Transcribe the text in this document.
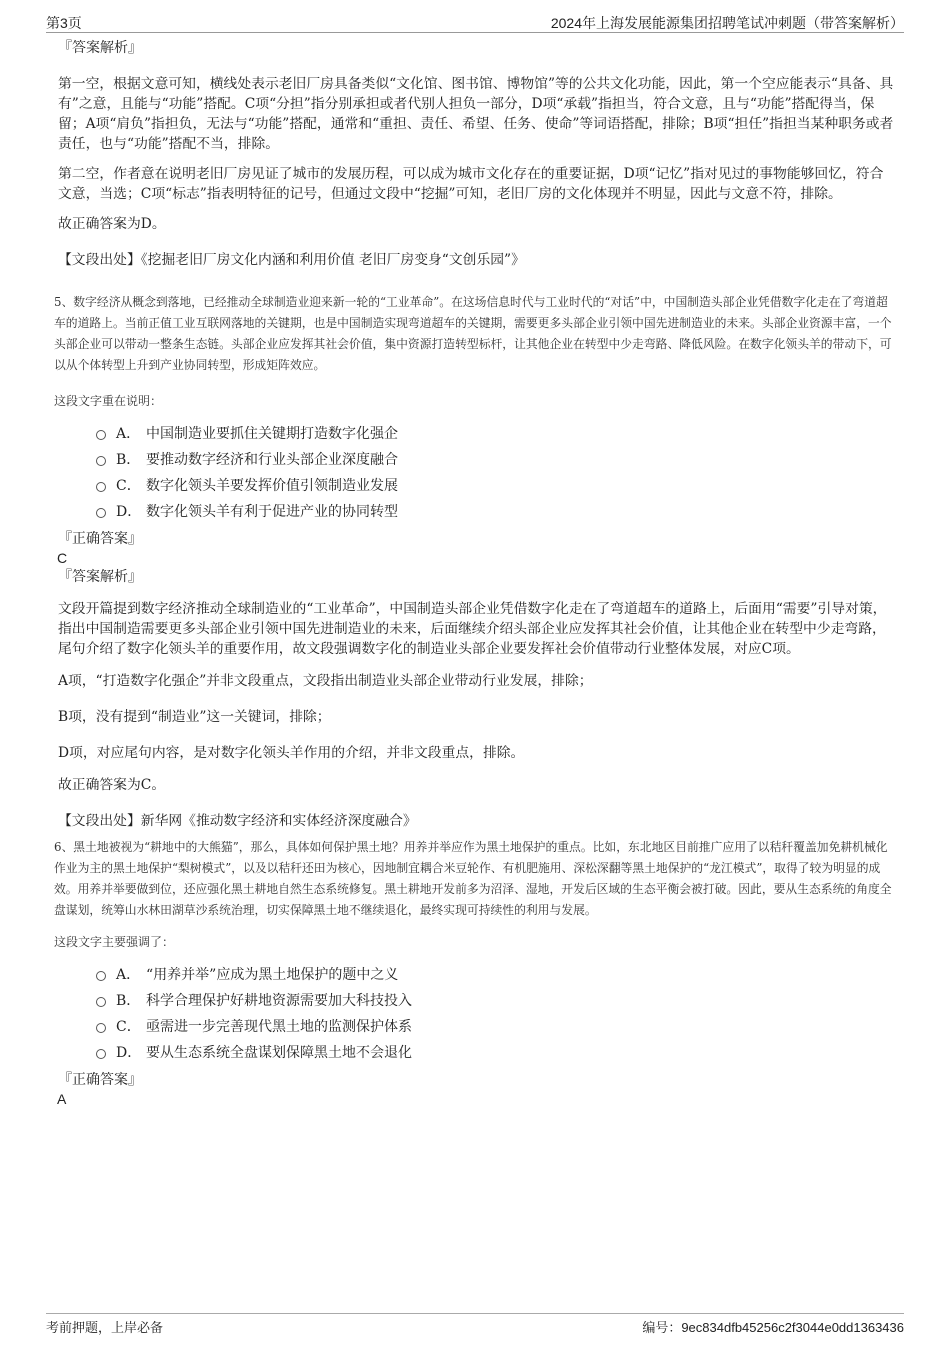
第3页	2024年上海发展能源集团招聘笔试冲刺题（带答案解析）
『答案解析』
第一空，根据文意可知，横线处表示老旧厂房具备类似“文化馆、图书馆、博物馆”等的公共文化功能，因此，第一个空应能表示“具备、具有”之意，且能与“功能”搭配。C项“分担”指分别承担或者代别人担负一部分，D项“承载”指担当，符合文意，且与“功能”搭配得当，保留；A项“肩负”指担负，无法与“功能”搭配，通常和“重担、责任、希望、任务、使命”等词语搭配，排除；B项“担任”指担当某种职务或者责任，也与“功能”搭配不当，排除。
第二空，作者意在说明老旧厂房见证了城市的发展历程，可以成为城市文化存在的重要证据，D项“记忆”指对见过的事物能够回忆，符合文意，当选；C项“标志”指表明特征的记号，但通过文段中“挖掘”可知，老旧厂房的文化体现并不明显，因此与文意不符，排除。
故正确答案为D。
【文段出处】《挖掘老旧厂房文化内涵和利用价值 老旧厂房变身“文创乐园”》
5、数字经济从概念到落地，已经推动全球制造业迎来新一轮的“工业革命”。在这场信息时代与工业时代的“对话”中，中国制造头部企业凭借数字化走在了弯道超车的道路上。当前正值工业互联网落地的关键期，也是中国制造实现弯道超车的关键期，需要更多头部企业引领中国先进制造业的未来。头部企业资源丰富，一个头部企业可以带动一整条生态链。头部企业应发挥其社会价值，集中资源打造转型标杆，让其他企业在转型中少走弯路、降低风险。在数字化领头羊的带动下，可以从个体转型上升到产业协同转型，形成矩阵效应。
这段文字重在说明：
A． 中国制造业要抓住关键期打造数字化强企
B． 要推动数字经济和行业头部企业深度融合
C． 数字化领头羊要发挥价值引领制造业发展
D． 数字化领头羊有利于促进产业的协同转型
『正确答案』
C
『答案解析』
文段开篇提到数字经济推动全球制造业的“工业革命”，中国制造头部企业凭借数字化走在了弯道超车的道路上，后面用“需要”引导对策，指出中国制造需要更多头部企业引领中国先进制造业的未来，后面继续介绍头部企业应发挥其社会价值，让其他企业在转型中少走弯路，尾句介绍了数字化领头羊的重要作用，故文段强调数字化的制造业头部企业要发挥社会价值带动行业整体发展，对应C项。
A项，“打造数字化强企”并非文段重点，文段指出制造业头部企业带动行业发展，排除；
B项，没有提到“制造业”这一关键词，排除；
D项，对应尾句内容，是对数字化领头羊作用的介绍，并非文段重点，排除。
故正确答案为C。
【文段出处】新华网《推动数字经济和实体经济深度融合》
6、黑土地被视为“耕地中的大熊猫”，那么，具体如何保护黑土地？用养并举应作为黑土地保护的重点。比如，东北地区目前推广应用了以秸秆覆盖加免耕机械化作业为主的黑土地保护“梨树模式”，以及以秸秆还田为核心，因地制宜耦合米豆轮作、有机肥施用、深松深翻等黑土地保护的“龙江模式”，取得了较为明显的成效。用养并举要做到位，还应强化黑土耕地自然生态系统修复。黑土耕地开发前多为沼泽、湿地，开发后区域的生态平衡会被打破。因此，要从生态系统的角度全盘谋划，统筹山水林田湖草沙系统治理，切实保障黑土地不继续退化，最终实现可持续性的利用与发展。
这段文字主要强调了：
A． “用养并举”应成为黑土地保护的题中之义
B． 科学合理保护好耕地资源需要加大科技投入
C． 亟需进一步完善现代黑土地的监测保护体系
D． 要从生态系统全盘谋划保障黑土地不会退化
『正确答案』
A
考前押题，上岸必备	编号：9ec834dfb45256c2f3044e0dd1363436
